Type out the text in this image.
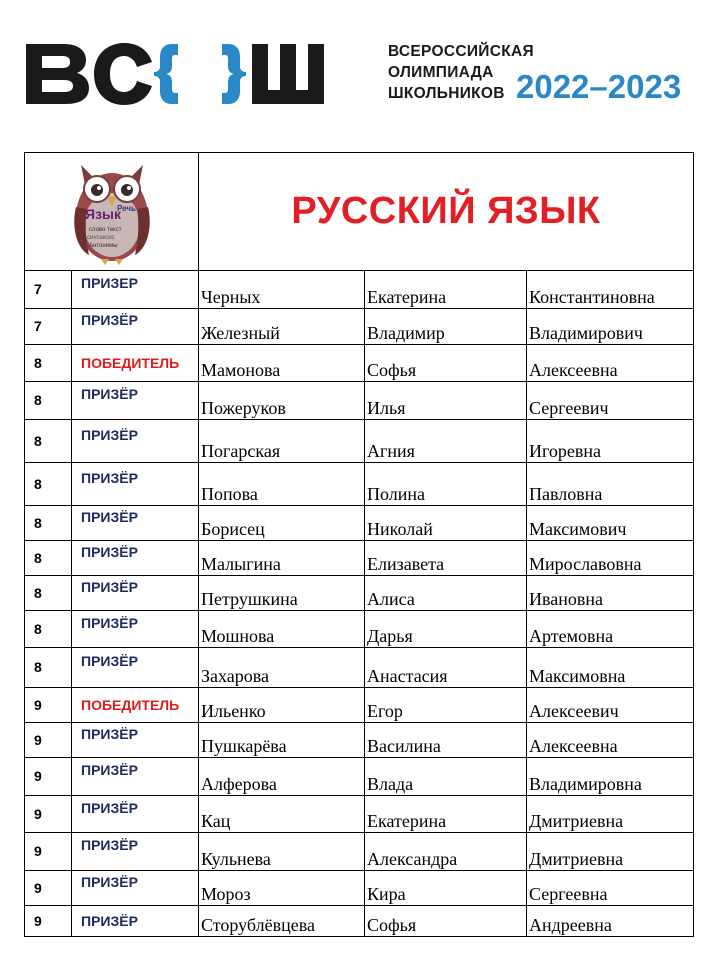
ВСЕРОССИЙСКАЯ
ОЛИМПИАДА
ШКОЛЬНИКОВ 2022–2023
Язык
Речь
слово текст
синтаксис
Антонимы		РУССКИЙ ЯЗЫК		
7	ПРИЗЕР	Черных	Екатерина	Константиновна
7	ПРИЗЁР	Железный	Владимир	Владимирович
8	ПОБЕДИТЕЛЬ	Мамонова	Софья	Алексеевна
8	ПРИЗЁР	Пожеруков	Илья	Сергеевич
8	ПРИЗЁР	Погарская	Агния	Игоревна
8	ПРИЗЁР	Попова	Полина	Павловна
8	ПРИЗЁР	Борисец	Николай	Максимович
8	ПРИЗЁР	Малыгина	Елизавета	Мирославовна
8	ПРИЗЁР	Петрушкина	Алиса	Ивановна
8	ПРИЗЁР	Мошнова	Дарья	Артемовна
8	ПРИЗЁР	Захарова	Анастасия	Максимовна
9	ПОБЕДИТЕЛЬ	Ильенко	Егор	Алексеевич
9	ПРИЗЁР	Пушкарёва	Василина	Алексеевна
9	ПРИЗЁР	Алферова	Влада	Владимировна
9	ПРИЗЁР	Кац	Екатерина	Дмитриевна
9	ПРИЗЁР	Кульнева	Александра	Дмитриевна
9	ПРИЗЁР	Мороз	Кира	Сергеевна
9	ПРИЗЁР	Сторублёвцева	Софья	Андреевна
